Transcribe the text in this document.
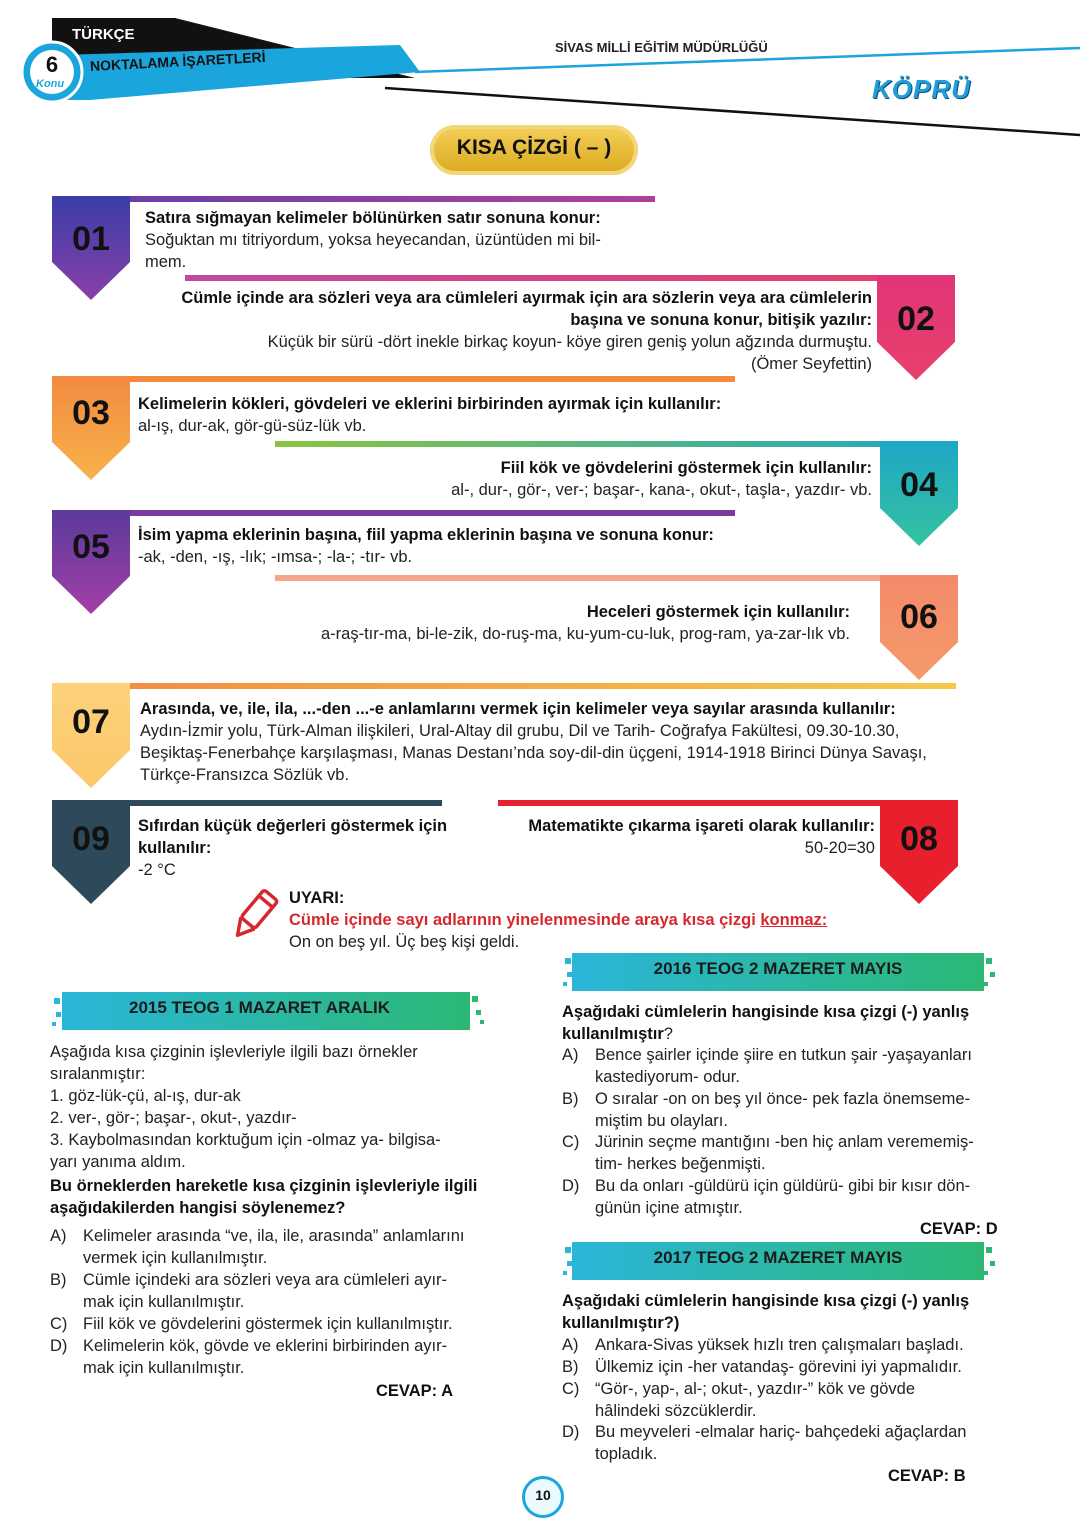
TÜRKÇE
6
Konu
NOKTALAMA İŞARETLERİ
SİVAS MİLLİ EĞİTİM MÜDÜRLÜĞÜ
KÖPRÜ
KISA ÇİZGİ ( – )
01
02
03
04
05
06
07
08
09
Satıra sığmayan kelimeler bölünürken satır sonuna konur:
Soğuktan mı titriyordum, yoksa heyecandan, üzüntüden mi bil-
mem.
Cümle içinde ara sözleri veya ara cümleleri ayırmak için ara sözlerin veya ara cümlelerin
başına ve sonuna konur, bitişik yazılır:
Küçük bir sürü -dört inekle birkaç koyun- köye giren geniş yolun ağzında durmuştu.
(Ömer Seyfettin)
Kelimelerin kökleri, gövdeleri ve eklerini birbirinden ayırmak için kullanılır:
al-ış, dur-ak, gör-gü-süz-lük vb.
Fiil kök ve gövdelerini göstermek için kullanılır:
al-, dur-, gör-, ver-; başar-, kana-, okut-, taşla-, yazdır- vb.
İsim yapma eklerinin başına, fiil yapma eklerinin başına ve sonuna konur:
-ak, -den, -ış, -lık; -ımsa-; -la-; -tır- vb.
Heceleri göstermek için kullanılır:
a-raş-tır-ma, bi-le-zik, do-ruş-ma, ku-yum-cu-luk, prog-ram, ya-zar-lık vb.
Arasında, ve, ile, ila, ...-den ...-e anlamlarını vermek için kelimeler veya sayılar arasında kullanılır:
Aydın-İzmir yolu, Türk-Alman ilişkileri, Ural-Altay dil grubu, Dil ve Tarih- Coğrafya Fakültesi, 09.30-10.30,
Beşiktaş-Fenerbahçe karşılaşması, Manas Destanı’nda soy-dil-din üçgeni, 1914-1918 Birinci Dünya Savaşı,
Türkçe-Fransızca Sözlük vb.
Sıfırdan küçük değerleri göstermek için
kullanılır:
-2 °C
Matematikte çıkarma işareti olarak kullanılır:
50-20=30
UYARI:
Cümle içinde sayı adlarının yinelenmesinde araya kısa çizgi konmaz:
On on beş yıl. Üç beş kişi geldi.
2015 TEOG 1 MAZARET ARALIK
2016 TEOG 2 MAZERET MAYIS
2017 TEOG 2 MAZERET MAYIS
Aşağıda kısa çizginin işlevleriyle ilgili bazı örnekler
sıralanmıştır:
1. göz-lük-çü, al-ış, dur-ak
2. ver-, gör-; başar-, okut-, yazdır-
3. Kaybolmasından korktuğum için -olmaz ya- bilgisa-
yarı yanıma aldım.
Bu örneklerden hareketle kısa çizginin işlevleriyle ilgili
aşağıdakilerden hangisi söylenemez?
A)	Kelimeler arasında “ve, ila, ile, arasında” anlamlarını
vermek için kullanılmıştır.
B)	Cümle içindeki ara sözleri veya ara cümleleri ayır-
mak için kullanılmıştır.
C) Fiil kök ve gövdelerini göstermek için kullanılmıştır.
D) Kelimelerin kök, gövde ve eklerini birbirinden ayır-
mak için kullanılmıştır.
CEVAP: A
Aşağıdaki cümlelerin hangisinde kısa çizgi (-) yanlış
kullanılmıştır?
A)	Bence şairler içinde şiire en tutkun şair -yaşayanları
kastediyorum- odur.
B)	O sıralar -on on beş yıl önce- pek fazla önemseme-
miştim bu olayları.
C) Jürinin seçme mantığını -ben hiç anlam verememiş-
tim- herkes beğenmişti.
D) Bu da onları -güldürü için güldürü- gibi bir kısır dön-
günün içine atmıştır.
CEVAP: D
Aşağıdaki cümlelerin hangisinde kısa çizgi (-) yanlış
kullanılmıştır?)
A)	Ankara-Sivas yüksek hızlı tren çalışmaları başladı.
B)	Ülkemiz için -her vatandaş- görevini iyi yapmalıdır.
C) “Gör-, yap-, al-; okut-, yazdır-” kök ve gövde
hâlindeki sözcüklerdir.
D) Bu meyveleri -elmalar hariç- bahçedeki ağaçlardan
topladık.
CEVAP: B
10
